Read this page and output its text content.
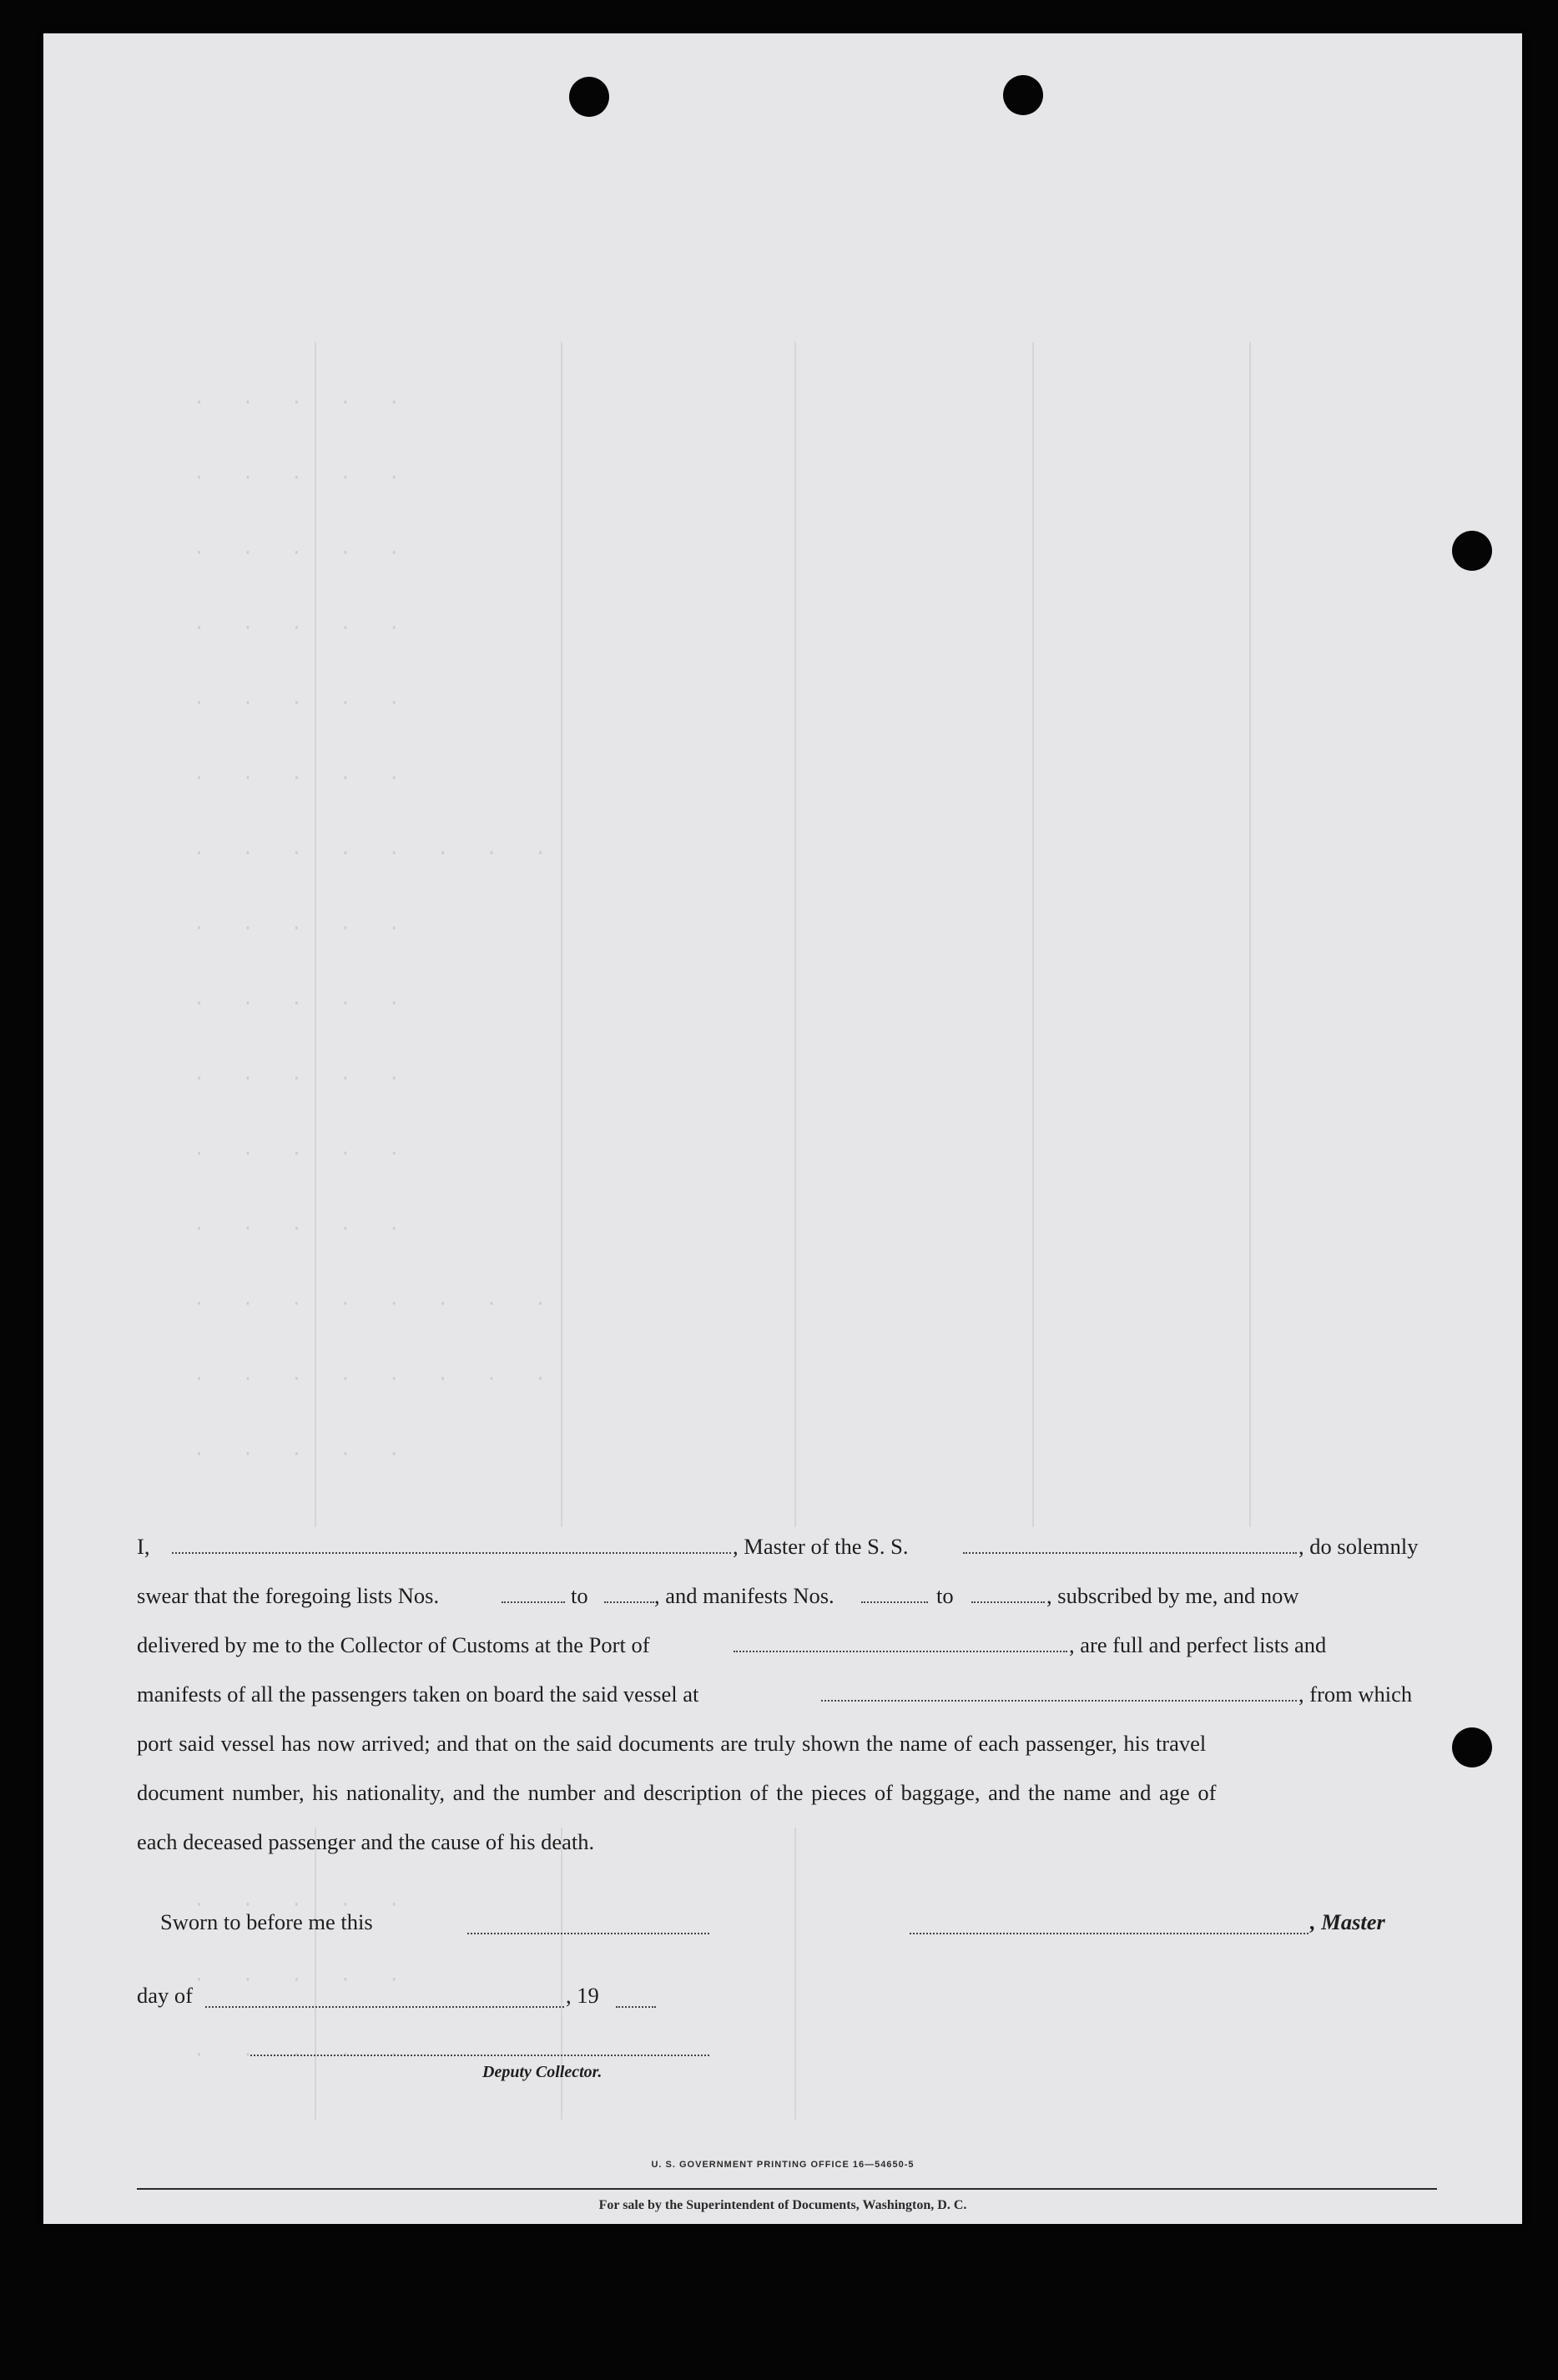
· · · · ·
· · · · ·
· · · · ·
· · · · ·
· · · · ·
· · · · ·
· · · · · · · ·
· · · · ·
· · · · ·
· · · · ·
· · · · ·
· · · · ·
· · · · · · · ·
· · · · · · · ·
· · · · ·
· · · · ·
· · · · ·
· · · · ·
I,	, Master of the S. S.	, do solemnly
swear that the foregoing lists Nos.	to	, and manifests Nos.	to	, subscribed by me, and now
delivered by me to the Collector of Customs at the Port of	, are full and perfect lists and
manifests of all the passengers taken on board the said vessel at	, from which
port said vessel has now arrived; and that on the said documents are truly shown the name of each passenger, his travel
document number, his nationality, and the number and description of the pieces of baggage, and the name and age of
each deceased passenger and the cause of his death.
Sworn to before me this	, Master
day of	, 19
Deputy Collector.
U. S. GOVERNMENT PRINTING OFFICE 16—54650-5
For sale by the Superintendent of Documents, Washington, D. C.
